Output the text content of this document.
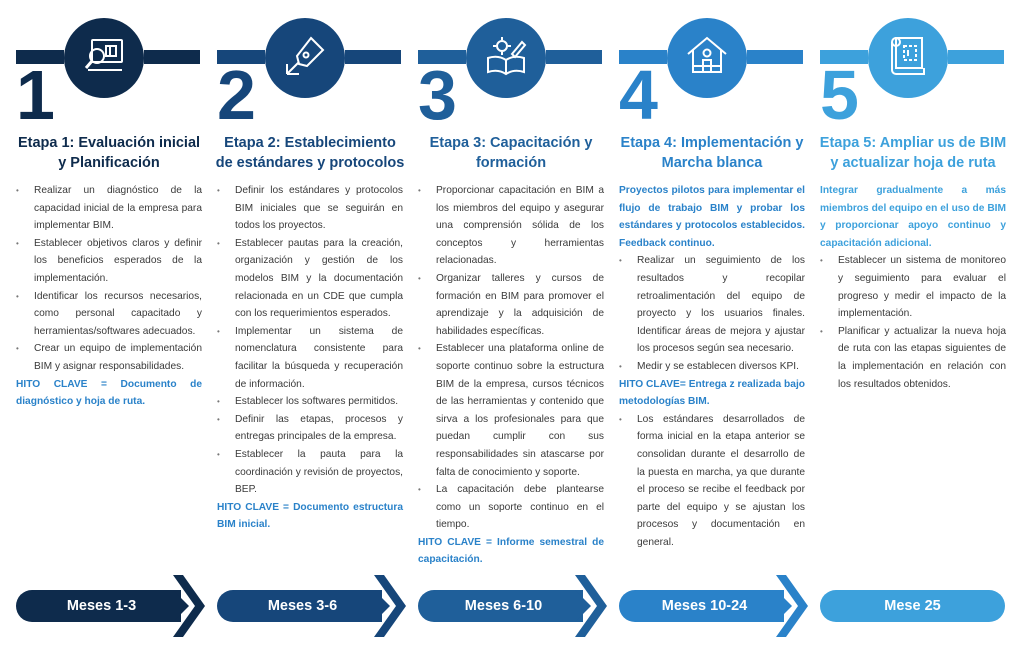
1
Etapa 1: Evaluación inicial y Planificación
• Realizar un diagnóstico de la capacidad inicial de la empresa para implementar BIM.
• Establecer objetivos claros y definir los beneficios esperados de la implementación.
• Identificar los recursos necesarios, como personal capacitado y herramientas/softwares adecuados.
• Crear un equipo de implementación BIM y asignar responsabilidades.
HITO CLAVE = Documento de diagnóstico y hoja de ruta.
Meses 1-3
2
Etapa 2: Establecimiento de estándares y protocolos
• Definir los estándares y protocolos BIM iniciales que se seguirán en todos los proyectos.
• Establecer pautas para la creación, organización y gestión de los modelos BIM y la documentación relacionada en un CDE que cumpla con los requerimientos esperados.
• Implementar un sistema de nomenclatura consistente para facilitar la búsqueda y recuperación de información.
• Establecer los softwares permitidos.
• Definir las etapas, procesos y entregas principales de la empresa.
• Establecer la pauta para la coordinación y revisión de proyectos, BEP.
HITO CLAVE = Documento estructura BIM inicial.
Meses 3-6
3
Etapa 3: Capacitación y formación
• Proporcionar capacitación en BIM a los miembros del equipo y asegurar una comprensión sólida de los conceptos y herramientas relacionadas.
• Organizar talleres y cursos de formación en BIM para promover el aprendizaje y la adquisición de habilidades específicas.
• Establecer una plataforma online de soporte continuo sobre la estructura BIM de la empresa, cursos técnicos de las herramientas y contenido que sirva a los profesionales para que puedan cumplir con sus responsabilidades sin atascarse por falta de conocimiento y soporte.
• La capacitación debe plantearse como un soporte continuo en el tiempo.
HITO CLAVE = Informe semestral de capacitación.
Meses 6-10
4
Etapa 4: Implementación y Marcha blanca
Proyectos pilotos para implementar el flujo de trabajo BIM y probar los estándares y protocolos establecidos. Feedback continuo.
• Realizar un seguimiento de los resultados y recopilar retroalimentación del equipo de proyecto y los usuarios finales. Identificar áreas de mejora y ajustar los procesos según sea necesario.
• Medir y se establecen diversos KPI.
HITO CLAVE= Entrega z realizada bajo metodologías BIM.
• Los estándares desarrollados de forma inicial en la etapa anterior se consolidan durante el desarrollo de la puesta en marcha, ya que durante el proceso se recibe el feedback por parte del equipo y se ajustan los procesos y documentación en general.
Meses 10-24
5
Etapa 5: Ampliar us de BIM y actualizar hoja de ruta
Integrar gradualmente a más miembros del equipo en el uso de BIM y proporcionar apoyo continuo y capacitación adicional.
• Establecer un sistema de monitoreo y seguimiento para evaluar el progreso y medir el impacto de la implementación.
• Planificar y actualizar la nueva hoja de ruta con las etapas siguientes de la implementación en relación con los resultados obtenidos.
Mese 25
